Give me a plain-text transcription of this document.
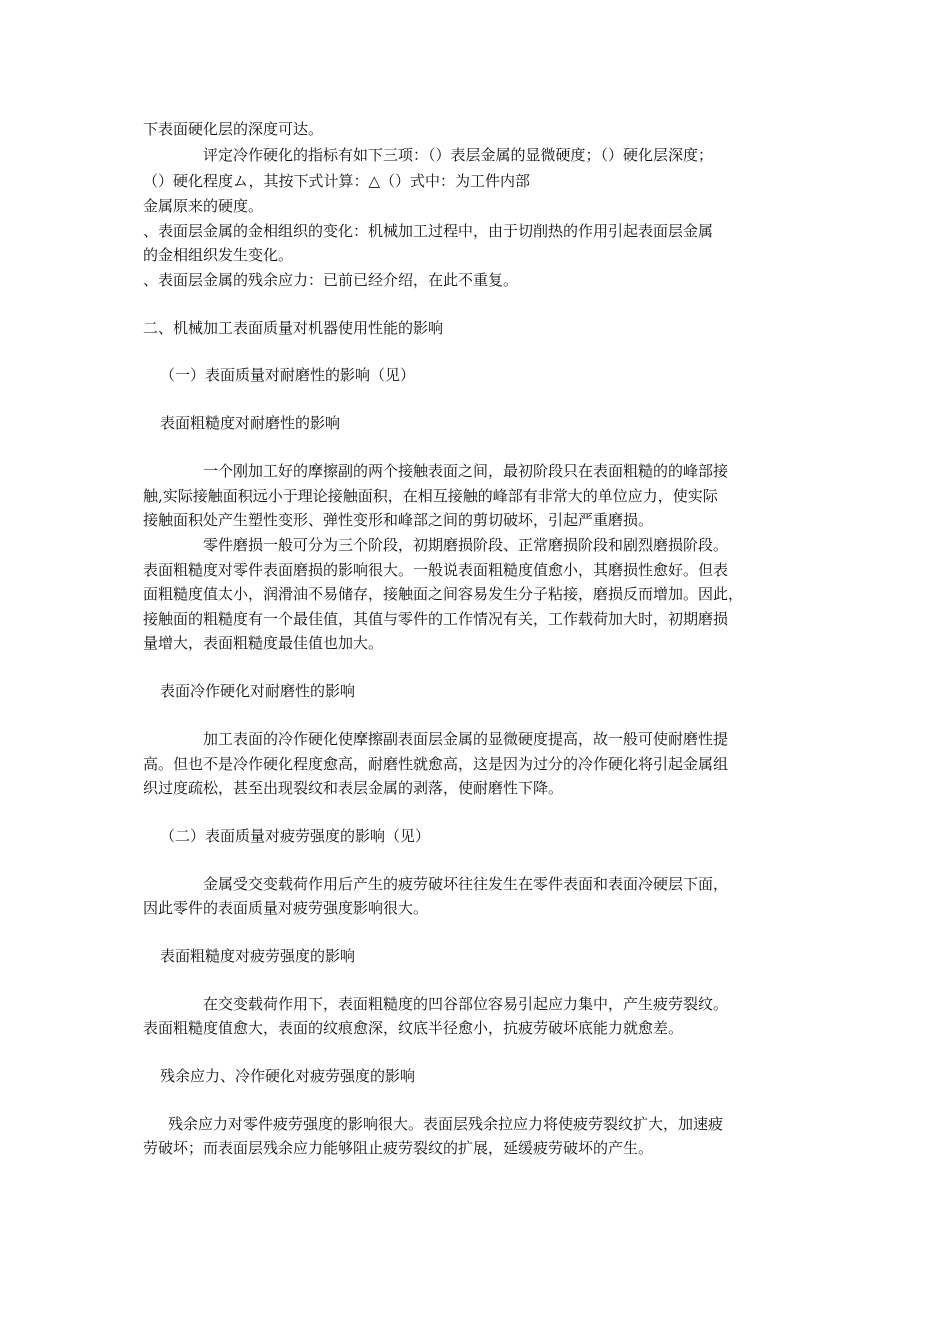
下表面硬化层的深度可达。
评定冷作硬化的指标有如下三项：（）表层金属的显微硬度；（）硬化层深度；
（）硬化程度ム，其按下式计算：△（）式中：为工件内部
金属原来的硬度。
、表面层金属的金相组织的变化：机械加工过程中，由于切削热的作用引起表面层金属
的金相组织发生变化。
、表面层金属的残余应力：已前已经介绍，在此不重复。
二、机械加工表面质量对机器使用性能的影响
（一）表面质量对耐磨性的影响（见）
表面粗糙度对耐磨性的影响
一个刚加工好的摩擦副的两个接触表面之间，最初阶段只在表面粗糙的的峰部接
触,实际接触面积远小于理论接触面积，在相互接触的峰部有非常大的单位应力，使实际
接触面积处产生塑性变形、弹性变形和峰部之间的剪切破坏，引起严重磨损。
零件磨损一般可分为三个阶段，初期磨损阶段、正常磨损阶段和剧烈磨损阶段。
表面粗糙度对零件表面磨损的影响很大。一般说表面粗糙度值愈小，其磨损性愈好。但表
面粗糙度值太小，润滑油不易储存，接触面之间容易发生分子粘接，磨损反而增加。因此，
接触面的粗糙度有一个最佳值，其值与零件的工作情况有关，工作载荷加大时，初期磨损
量增大，表面粗糙度最佳值也加大。
表面冷作硬化对耐磨性的影响
加工表面的冷作硬化使摩擦副表面层金属的显微硬度提高，故一般可使耐磨性提
高。但也不是冷作硬化程度愈高，耐磨性就愈高，这是因为过分的冷作硬化将引起金属组
织过度疏松，甚至出现裂纹和表层金属的剥落，使耐磨性下降。
（二）表面质量对疲劳强度的影响（见）
金属受交变载荷作用后产生的疲劳破坏往往发生在零件表面和表面冷硬层下面，
因此零件的表面质量对疲劳强度影响很大。
表面粗糙度对疲劳强度的影响
在交变载荷作用下，表面粗糙度的凹谷部位容易引起应力集中，产生疲劳裂纹。
表面粗糙度值愈大，表面的纹痕愈深，纹底半径愈小，抗疲劳破坏底能力就愈差。
残余应力、冷作硬化对疲劳强度的影响
残余应力对零件疲劳强度的影响很大。表面层残余拉应力将使疲劳裂纹扩大，加速疲
劳破坏；而表面层残余应力能够阻止疲劳裂纹的扩展，延缓疲劳破坏的产生。
